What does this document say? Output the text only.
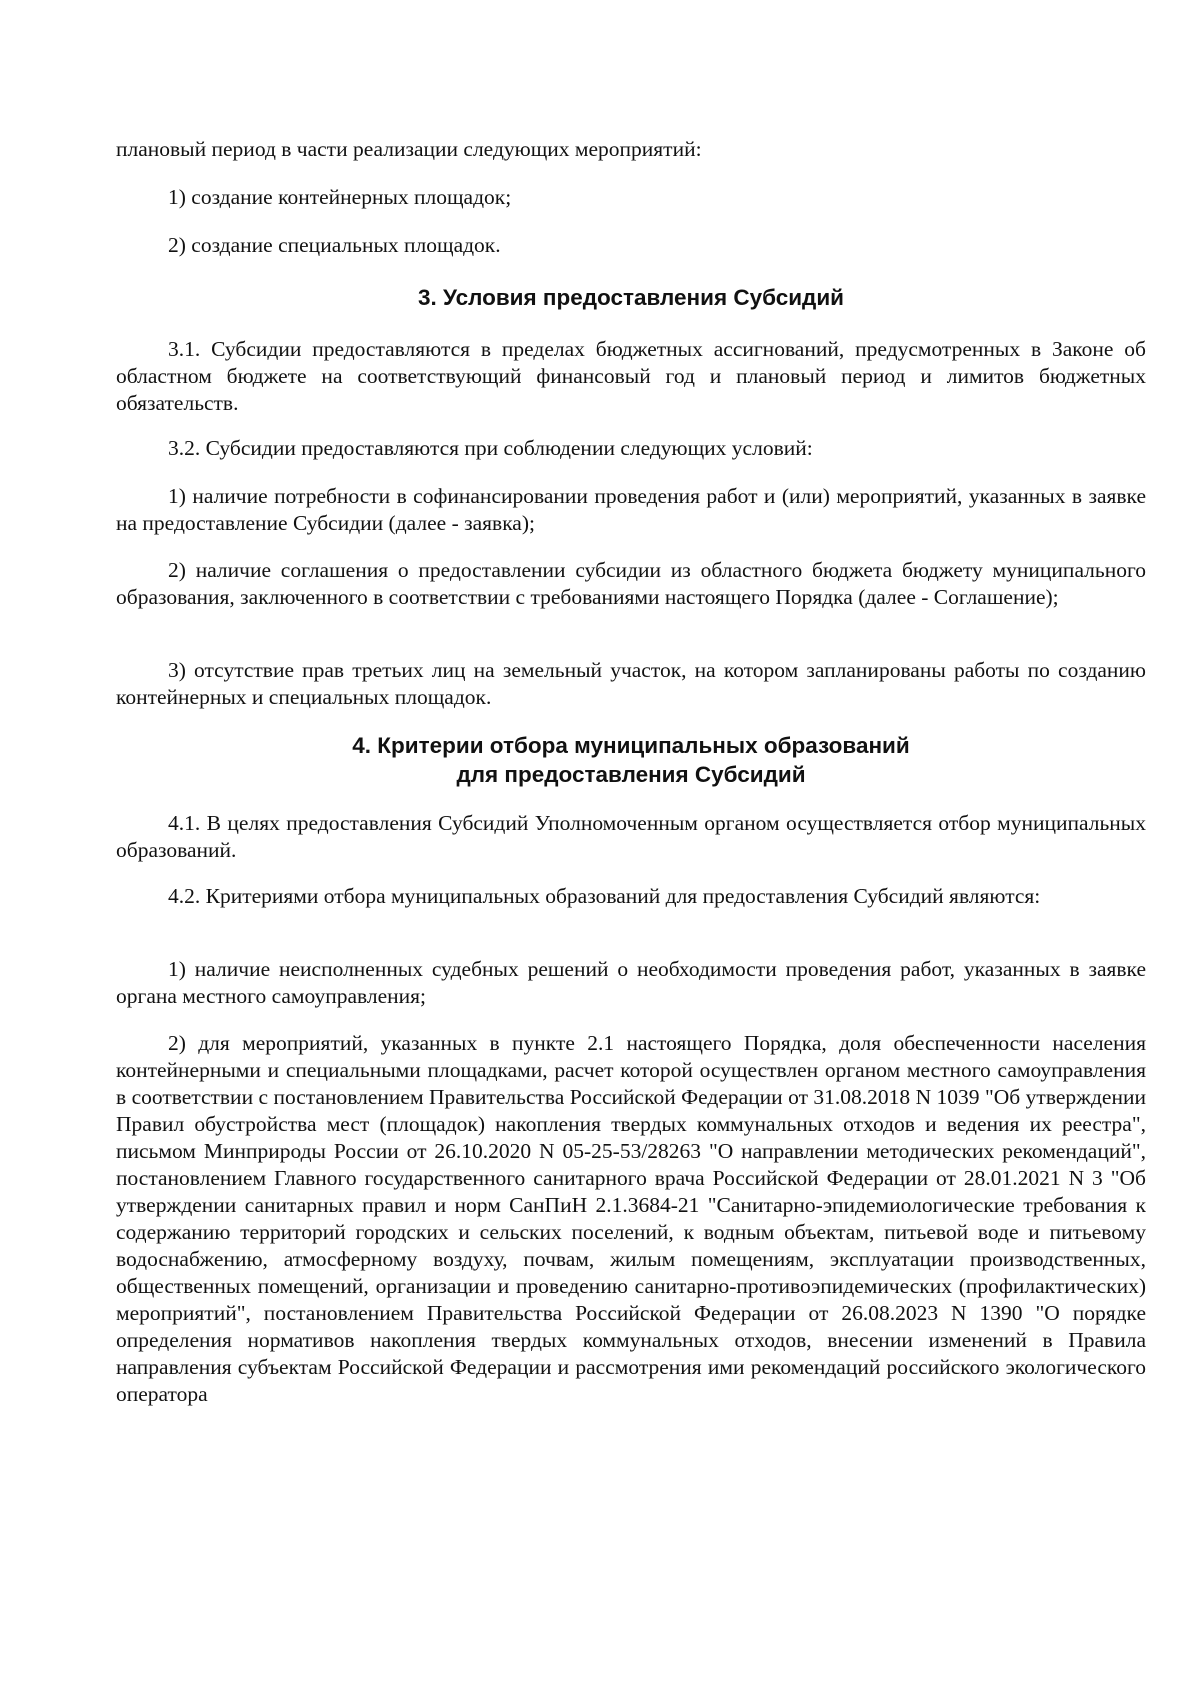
плановый период в части реализации следующих мероприятий:

1) создание контейнерных площадок;

2) создание специальных площадок.

3. Условия предоставления Субсидий

3.1. Субсидии предоставляются в пределах бюджетных ассигнований, предусмотренных в Законе об областном бюджете на соответствующий финансовый год и плановый период и лимитов бюджетных обязательств.

3.2. Субсидии предоставляются при соблюдении следующих условий:

1) наличие потребности в софинансировании проведения работ и (или) мероприятий, указанных в заявке на предоставление Субсидии (далее - заявка);

2) наличие соглашения о предоставлении субсидии из областного бюджета бюджету муниципального образования, заключенного в соответствии с требованиями настоящего Порядка (далее - Соглашение);

3) отсутствие прав третьих лиц на земельный участок, на котором запланированы работы по созданию контейнерных и специальных площадок.

4. Критерии отбора муниципальных образований
для предоставления Субсидий

4.1. В целях предоставления Субсидий Уполномоченным органом осуществляется отбор муниципальных образований.

4.2. Критериями отбора муниципальных образований для предоставления Субсидий являются:

1) наличие неисполненных судебных решений о необходимости проведения работ, указанных в заявке органа местного самоуправления;

2) для мероприятий, указанных в пункте 2.1 настоящего Порядка, доля обеспеченности населения контейнерными и специальными площадками, расчет которой осуществлен органом местного самоуправления в соответствии с постановлением Правительства Российской Федерации от 31.08.2018 N 1039 "Об утверждении Правил обустройства мест (площадок) накопления твердых коммунальных отходов и ведения их реестра", письмом Минприроды России от 26.10.2020 N 05-25-53/28263 "О направлении методических рекомендаций", постановлением Главного государственного санитарного врача Российской Федерации от 28.01.2021 N 3 "Об утверждении санитарных правил и норм СанПиН 2.1.3684-21 "Санитарно-эпидемиологические требования к содержанию территорий городских и сельских поселений, к водным объектам, питьевой воде и питьевому водоснабжению, атмосферному воздуху, почвам, жилым помещениям, эксплуатации производственных, общественных помещений, организации и проведению санитарно-противоэпидемических (профилактических) мероприятий", постановлением Правительства Российской Федерации от 26.08.2023 N 1390 "О порядке определения нормативов накопления твердых коммунальных отходов, внесении изменений в Правила направления субъектам Российской Федерации и рассмотрения ими рекомендаций российского экологического оператора
